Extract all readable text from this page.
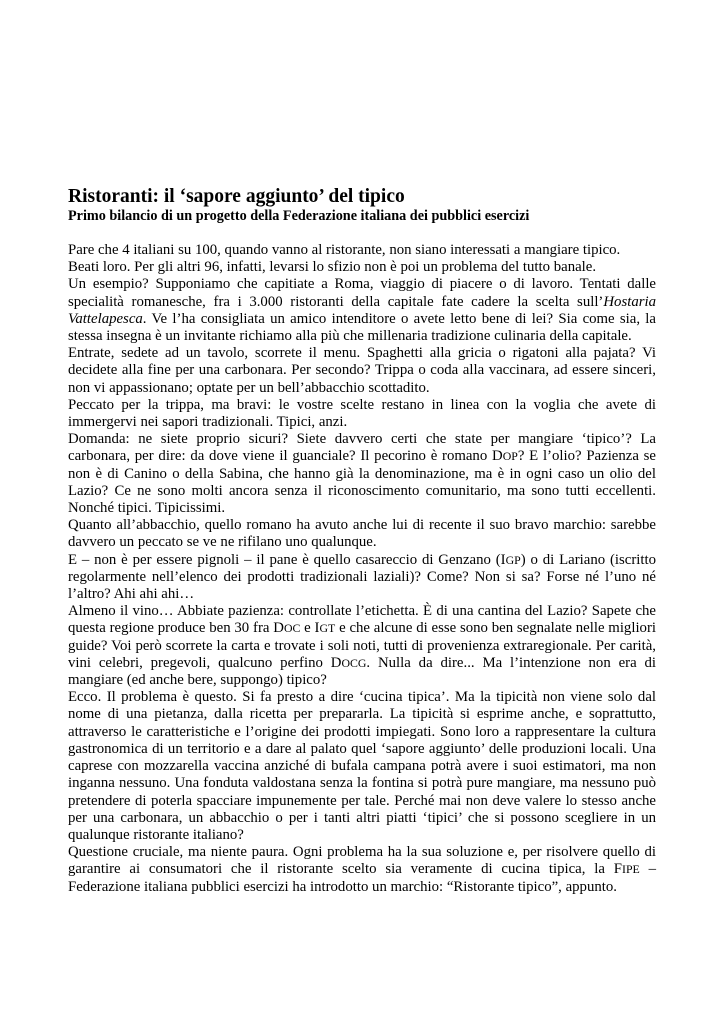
Ristoranti: il ‘sapore aggiunto’ del tipico
Primo bilancio di un progetto della Federazione italiana dei pubblici esercizi

Pare che 4 italiani su 100, quando vanno al ristorante, non siano interessati a mangiare tipico.

Beati loro. Per gli altri 96, infatti, levarsi lo sfizio non è poi un problema del tutto banale.

Un esempio? Supponiamo che capitiate a Roma, viaggio di piacere o di lavoro. Tentati dalle specialità romanesche, fra i 3.000 ristoranti della capitale fate cadere la scelta sull’Hostaria Vattelapesca. Ve l’ha consigliata un amico intenditore o avete letto bene di lei? Sia come sia, la stessa insegna è un invitante richiamo alla più che millenaria tradizione culinaria della capitale.

Entrate, sedete ad un tavolo, scorrete il menu. Spaghetti alla gricia o rigatoni alla pajata? Vi decidete alla fine per una carbonara. Per secondo? Trippa o coda alla vaccinara, ad essere sinceri, non vi appassionano; optate per un bell’abbacchio scottadito.

Peccato per la trippa, ma bravi: le vostre scelte restano in linea con la voglia che avete di immergervi nei sapori tradizionali. Tipici, anzi.

Domanda: ne siete proprio sicuri? Siete davvero certi che state per mangiare ‘tipico’? La carbonara, per dire: da dove viene il guanciale? Il pecorino è romano DOP? E l’olio? Pazienza se non è di Canino o della Sabina, che hanno già la denominazione, ma è in ogni caso un olio del Lazio? Ce ne sono molti ancora senza il riconoscimento comunitario, ma sono tutti eccellenti. Nonché tipici. Tipicissimi.

Quanto all’abbacchio, quello romano ha avuto anche lui di recente il suo bravo marchio: sarebbe davvero un peccato se ve ne rifilano uno qualunque.

E – non è per essere pignoli – il pane è quello casareccio di Genzano (IGP) o di Lariano (iscritto regolarmente nell’elenco dei prodotti tradizionali laziali)? Come? Non si sa? Forse né l’uno né l’altro? Ahi ahi ahi…

Almeno il vino… Abbiate pazienza: controllate l’etichetta. È di una cantina del Lazio? Sapete che questa regione produce ben 30 fra DOC e IGT e che alcune di esse sono ben segnalate nelle migliori guide? Voi però scorrete la carta e trovate i soli noti, tutti di provenienza extraregionale. Per carità, vini celebri, pregevoli, qualcuno perfino DOCG. Nulla da dire... Ma l’intenzione non era di mangiare (ed anche bere, suppongo) tipico?

Ecco. Il problema è questo. Si fa presto a dire ‘cucina tipica’. Ma la tipicità non viene solo dal nome di una pietanza, dalla ricetta per prepararla. La tipicità si esprime anche, e soprattutto, attraverso le caratteristiche e l’origine dei prodotti impiegati. Sono loro a rappresentare la cultura gastronomica di un territorio e a dare al palato quel ‘sapore aggiunto’ delle produzioni locali. Una caprese con mozzarella vaccina anziché di bufala campana potrà avere i suoi estimatori, ma non inganna nessuno. Una fonduta valdostana senza la fontina si potrà pure mangiare, ma nessuno può pretendere di poterla spacciare impunemente per tale. Perché mai non deve valere lo stesso anche per una carbonara, un abbacchio o per i tanti altri piatti ‘tipici’ che si possono scegliere in un qualunque ristorante italiano?

Questione cruciale, ma niente paura. Ogni problema ha la sua soluzione e, per risolvere quello di garantire ai consumatori che il ristorante scelto sia veramente di cucina tipica, la FIPE – Federazione italiana pubblici esercizi ha introdotto un marchio: “Ristorante tipico”, appunto.
